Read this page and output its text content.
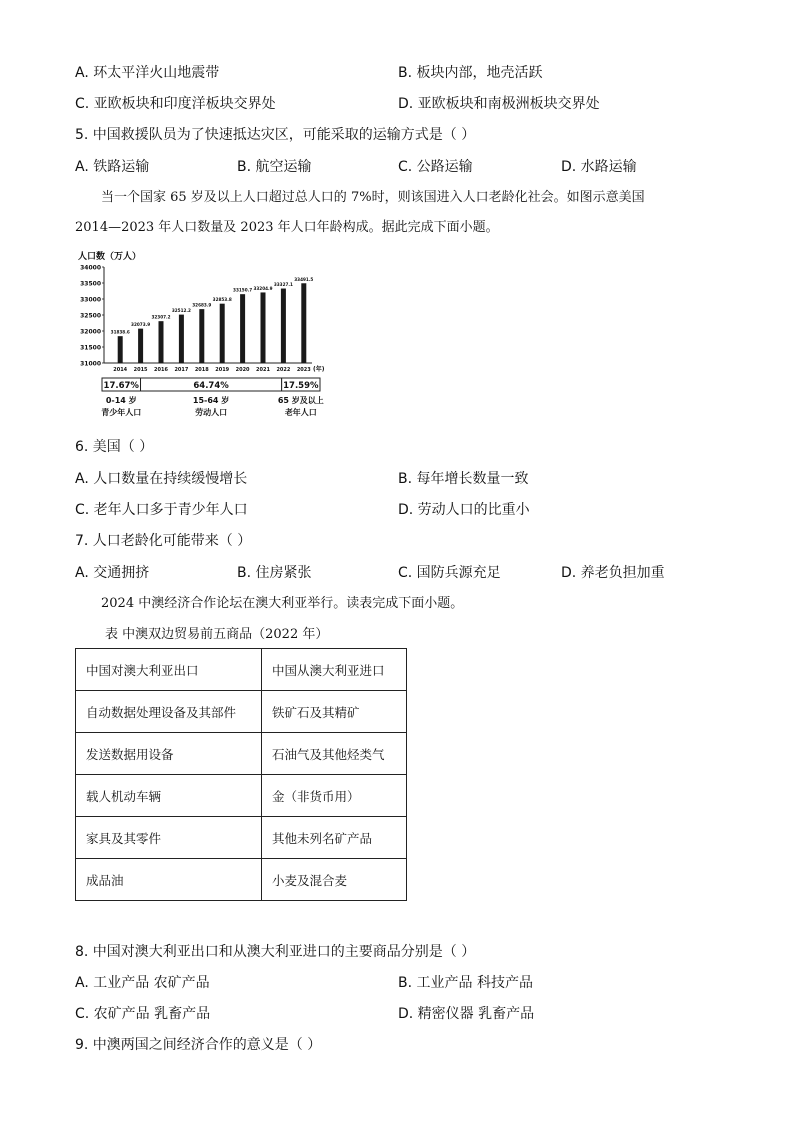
A. 环太平洋火山地震带	B. 板块内部，地壳活跃
C. 亚欧板块和印度洋板块交界处	D. 亚欧板块和南极洲板块交界处
5. 中国救援队员为了快速抵达灾区，可能采取的运输方式是（ ）
A. 铁路运输	B. 航空运输	C. 公路运输	D. 水路运输
当一个国家 65 岁及以上人口超过总人口的 7%时，则该国进入人口老龄化社会。如图示意美国
2014—2023 年人口数量及 2023 年人口年龄构成。据此完成下面小题。
人口数（万人）
34000
33500
33000
32500
32000
31500
31000
31838.6
2014
32073.9
2015
32307.2
2016
32512.2
2017
32683.9
2018
32853.8
2019
33150.7
2020
33204.9
2021
33327.1
2022
33491.5
2023 (年)
17.67%
0-14 岁
青少年人口
64.74%
15-64 岁
劳动人口
17.59%
65 岁及以上
老年人口
6. 美国（ ）
A. 人口数量在持续缓慢增长	B. 每年增长数量一致
C. 老年人口多于青少年人口	D. 劳动人口的比重小
7. 人口老龄化可能带来（ ）
A. 交通拥挤	B. 住房紧张	C. 国防兵源充足	D. 养老负担加重
2024 中澳经济合作论坛在澳大利亚举行。读表完成下面小题。
表 中澳双边贸易前五商品（2022 年）
中国对澳大利亚出口	中国从澳大利亚进口
自动数据处理设备及其部件	铁矿石及其精矿
发送数据用设备	石油气及其他烃类气
载人机动车辆	金（非货币用）
家具及其零件	其他未列名矿产品
成品油	小麦及混合麦
8. 中国对澳大利亚出口和从澳大利亚进口的主要商品分别是（ ）
A. 工业产品 农矿产品	B. 工业产品 科技产品
C. 农矿产品 乳畜产品	D. 精密仪器 乳畜产品
9. 中澳两国之间经济合作的意义是（ ）
